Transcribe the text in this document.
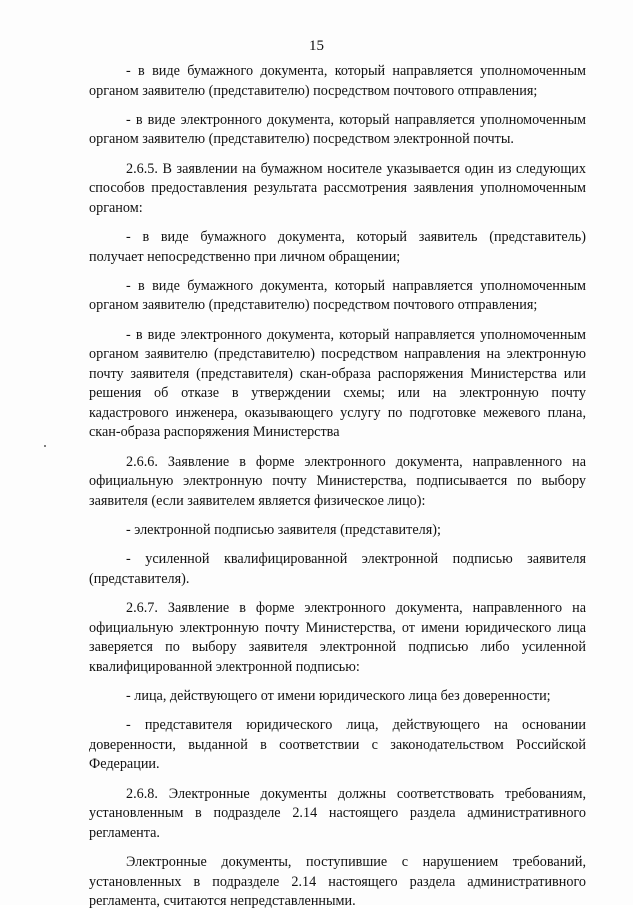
15

- в виде бумажного документа, который направляется уполномоченным органом заявителю (представителю) посредством почтового отправления;

- в виде электронного документа, который направляется уполномоченным органом заявителю (представителю) посредством электронной почты.

2.6.5. В заявлении на бумажном носителе указывается один из следующих способов предоставления результата рассмотрения заявления уполномоченным органом:

- в виде бумажного документа, который заявитель (представитель) получает непосредственно при личном обращении;

- в виде бумажного документа, который направляется уполномоченным органом заявителю (представителю) посредством почтового отправления;

- в виде электронного документа, который направляется уполномоченным органом заявителю (представителю) посредством направления на электронную почту заявителя (представителя) скан-образа распоряжения Министерства или решения об отказе в утверждении схемы; или на электронную почту кадастрового инженера, оказывающего услугу по подготовке межевого плана, скан-образа распоряжения Министерства

2.6.6. Заявление в форме электронного документа, направленного на официальную электронную почту Министерства, подписывается по выбору заявителя (если заявителем является физическое лицо):

- электронной подписью заявителя (представителя);

- усиленной квалифицированной электронной подписью заявителя (представителя).

2.6.7. Заявление в форме электронного документа, направленного на официальную электронную почту Министерства, от имени юридического лица заверяется по выбору заявителя электронной подписью либо усиленной квалифицированной электронной подписью:

- лица, действующего от имени юридического лица без доверенности;

- представителя юридического лица, действующего на основании доверенности, выданной в соответствии с законодательством Российской Федерации.

2.6.8. Электронные документы должны соответствовать требованиям, установленным в подразделе 2.14 настоящего раздела административного регламента.

Электронные документы, поступившие с нарушением требований, установленных в подразделе 2.14 настоящего раздела административного регламента, считаются непредставленными.
